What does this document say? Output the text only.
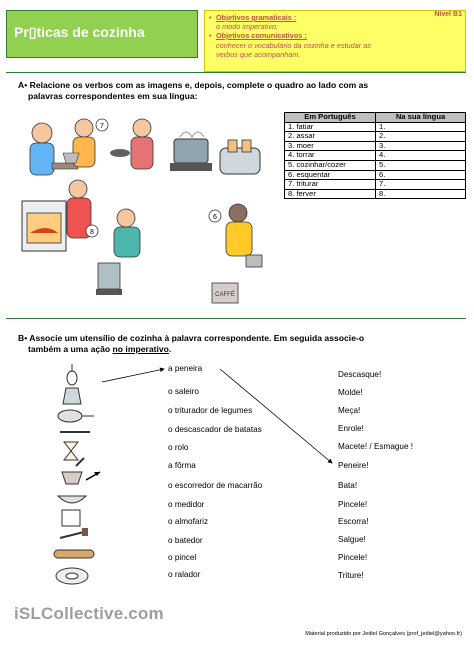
Pr▯ticas de cozinha
Nível B1
• Objetivos gramaticais :
o modo imperativo;
• Objetivos comunicativos :
conhecer o vocabulário da cozinha e estudar as
verbos que acompanham.
A• Relacione os verbos com as imagens e, depois, complete o quadro ao lado com as
palavras correspondentes em sua língua:
CAFFÉ
7
8
6
Em Português	Na sua língua
1. fatiar	1.
2. assar	2.
3. moer	3.
4. torrar	4.
5. cozinhar/cozer	5.
6. esquentar	6.
7. triturar	7.
8. ferver	8.
B• Associe um utensílio de cozinha à palavra correspondente. Em seguida associe-o
também a uma ação no imperativo.
a peneira
o saleiro
o triturador de legumes
o descascador de batatas
o rolo
a fôrma
o escorredor de macarrão
o medidor
o almofariz
o batedor
o pincel
o ralador
Descasque!
Molde!
Meça!
Enrole!
Macete! / Esmague !
Peneire!
Bata!
Pincele!
Escorra!
Salgue!
Pincele!
Triture!
iSLCollective.com
Material produzido por Jediel Gonçalves (prof_jediel@yahoo.fr)
